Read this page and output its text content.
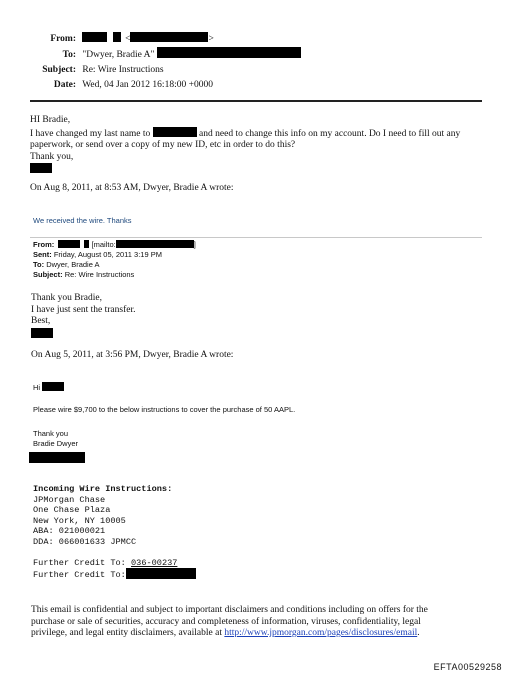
From:	<	>
To: "Dwyer, Bradie A"
Subject: Re: Wire Instructions
Date: Wed, 04 Jan 2012 16:18:00 +0000
HI Bradie,
I have changed my last name to	and need to change this info on my account. Do I need to fill out any
paperwork, or send over a copy of my new ID, etc in order to do this?
Thank you,
On Aug 8, 2011, at 8:53 AM, Dwyer, Bradie A wrote:
We received the wire. Thanks
From:	[mailto:	]
Sent: Friday, August 05, 2011 3:19 PM
To: Dwyer, Bradie A
Subject: Re: Wire Instructions
Thank you Bradie,
I have just sent the transfer.
Best,
On Aug 5, 2011, at 3:56 PM, Dwyer, Bradie A wrote:
Hi
Please wire $9,700 to the below instructions to cover the purchase of 50 AAPL.
Thank you
Bradie Dwyer
Incoming Wire Instructions:
JPMorgan Chase
One Chase Plaza
New York, NY 10005
ABA: 021000021
DDA: 066001633 JPMCC
Further Credit To: 036-00237
Further Credit To:
This email is confidential and subject to important disclaimers and conditions including on offers for the
purchase or sale of securities, accuracy and completeness of information, viruses, confidentiality, legal
privilege, and legal entity disclaimers, available at http://www.jpmorgan.com/pages/disclosures/email.
EFTA00529258
